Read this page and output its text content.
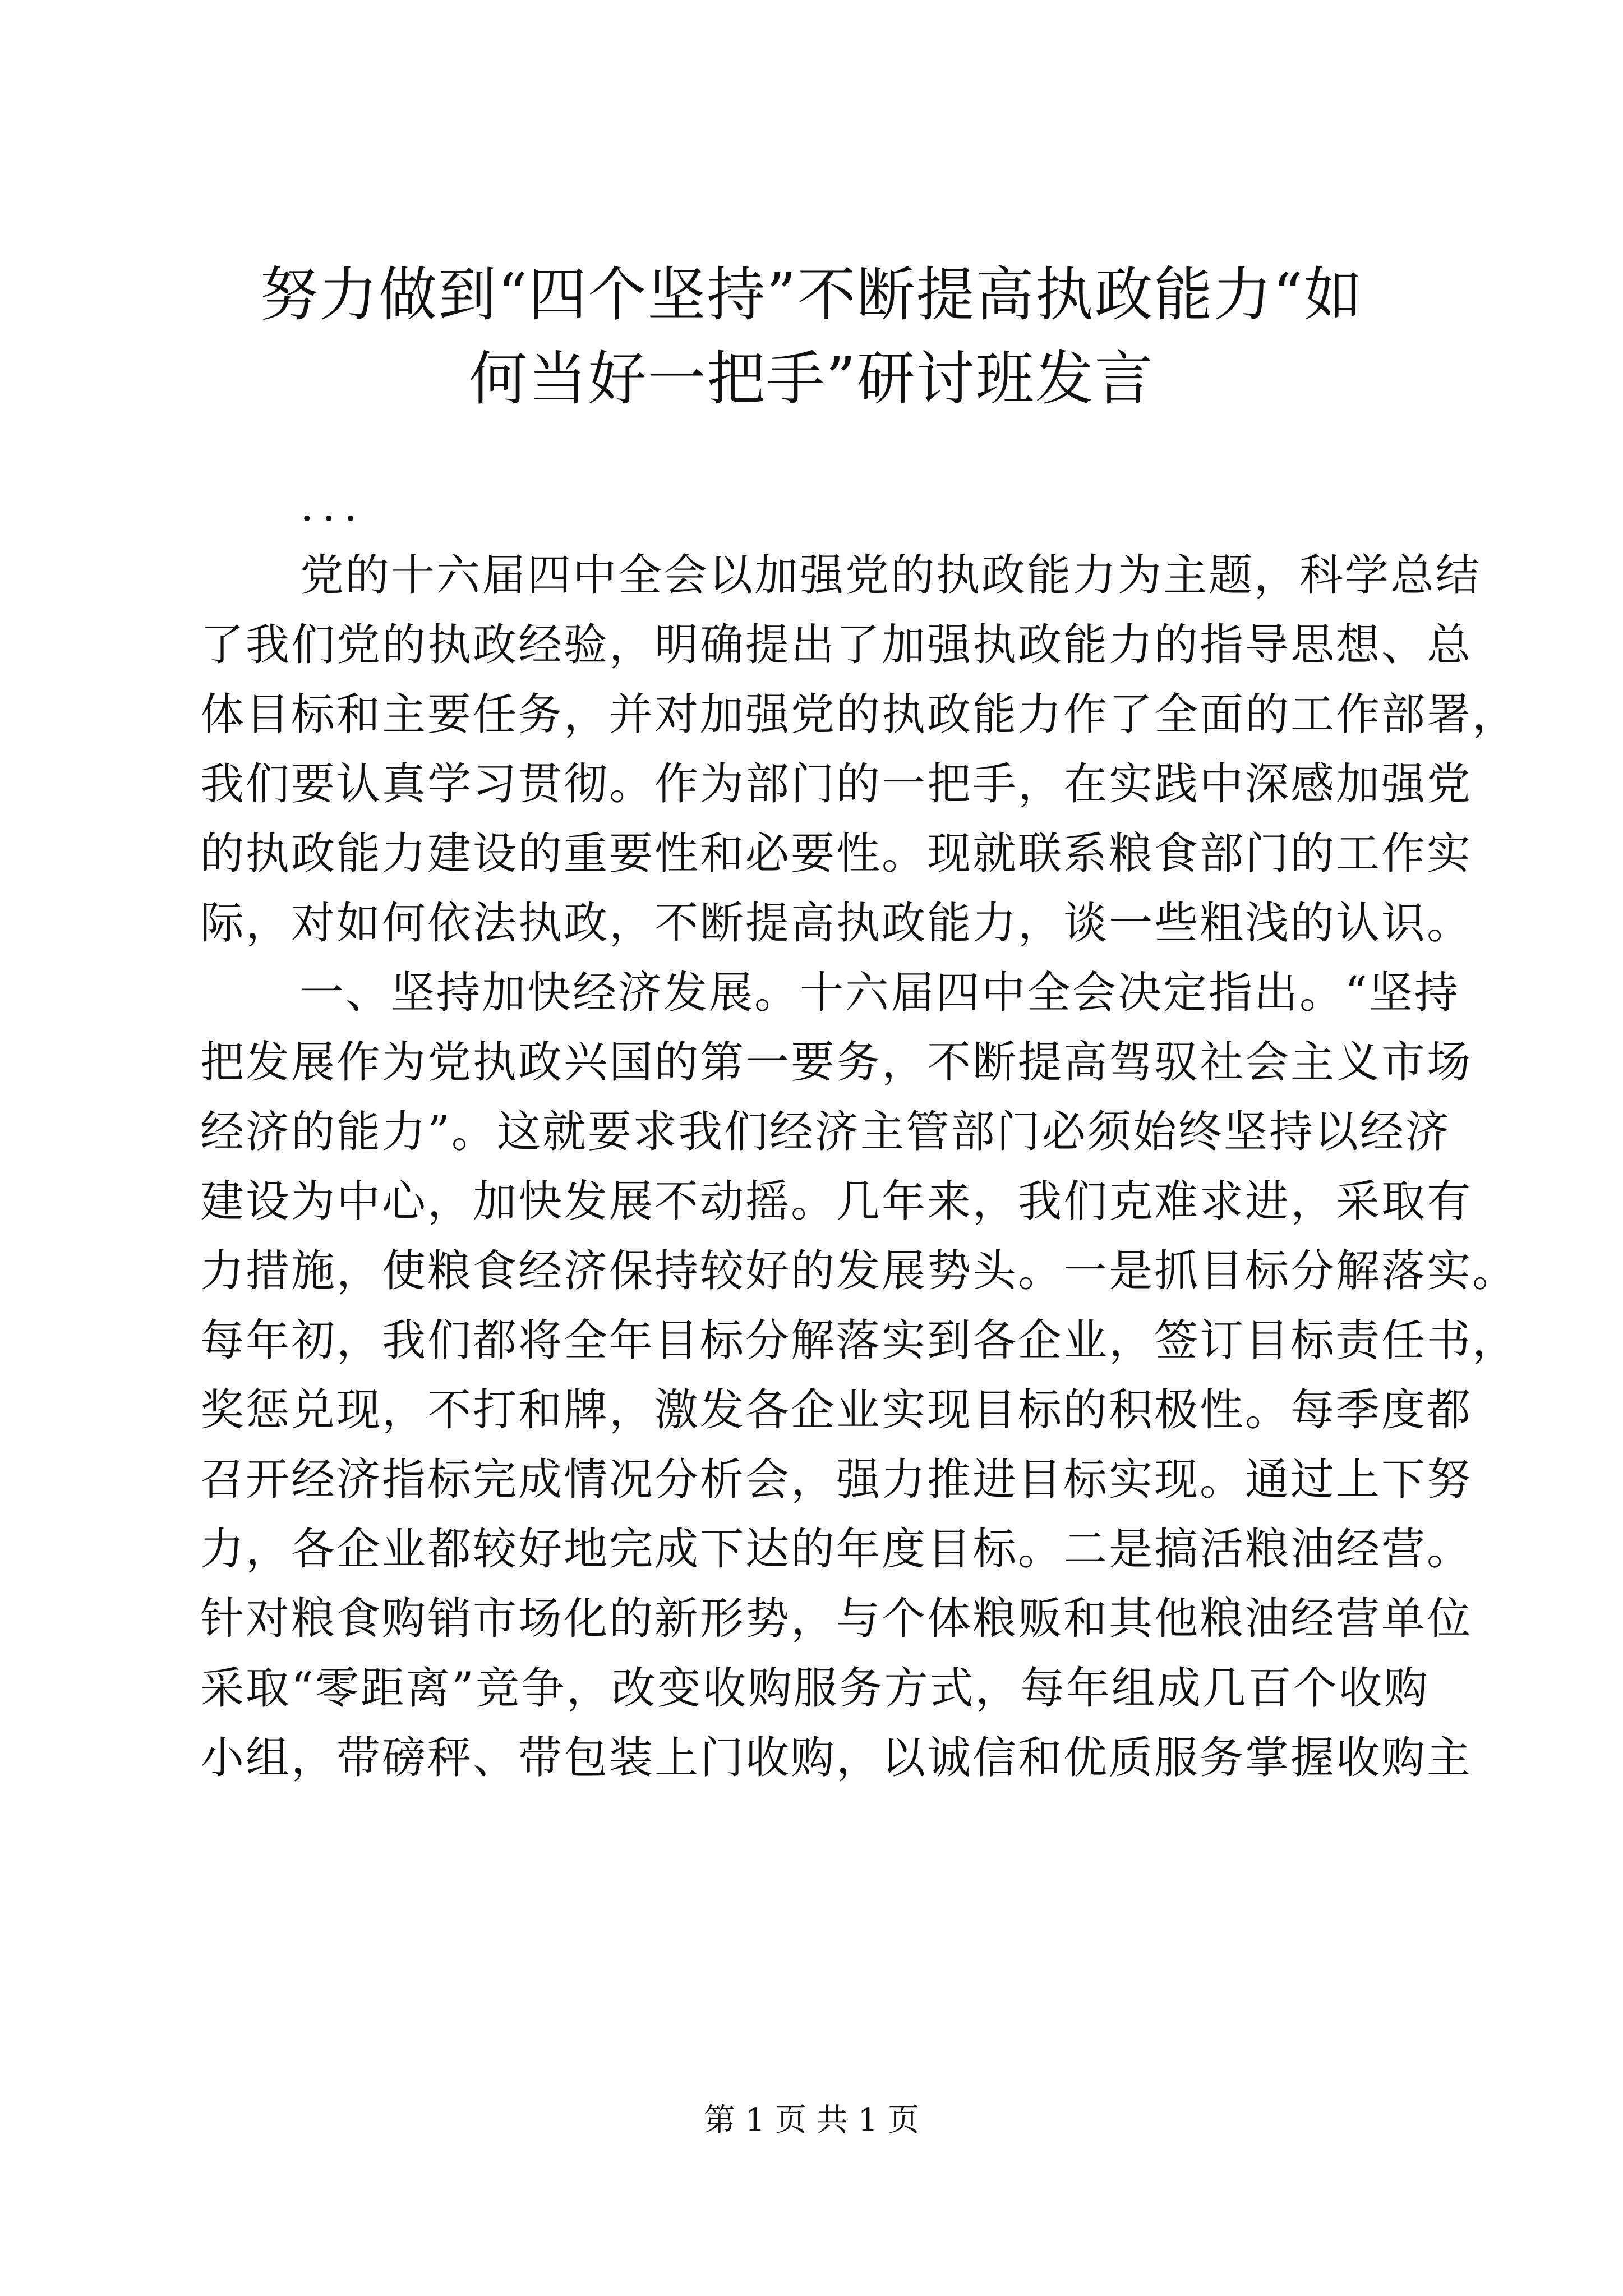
努力做到“四个坚持”不断提高执政能力“如
何当好一把手”研讨班发言
...
党的十六届四中全会以加强党的执政能力为主题，科学总结
了我们党的执政经验，明确提出了加强执政能力的指导思想、总
体目标和主要任务，并对加强党的执政能力作了全面的工作部署，
我们要认真学习贯彻。作为部门的一把手，在实践中深感加强党
的执政能力建设的重要性和必要性。现就联系粮食部门的工作实
际，对如何依法执政，不断提高执政能力，谈一些粗浅的认识。
一、坚持加快经济发展。十六届四中全会决定指出。“坚持
把发展作为党执政兴国的第一要务，不断提高驾驭社会主义市场
经济的能力”。这就要求我们经济主管部门必须始终坚持以经济
建设为中心，加快发展不动摇。几年来，我们克难求进，采取有
力措施，使粮食经济保持较好的发展势头。一是抓目标分解落实。
每年初，我们都将全年目标分解落实到各企业，签订目标责任书，
奖惩兑现，不打和牌，激发各企业实现目标的积极性。每季度都
召开经济指标完成情况分析会，强力推进目标实现。通过上下努
力，各企业都较好地完成下达的年度目标。二是搞活粮油经营。
针对粮食购销市场化的新形势，与个体粮贩和其他粮油经营单位
采取“零距离”竞争，改变收购服务方式，每年组成几百个收购
小组，带磅秤、带包装上门收购，以诚信和优质服务掌握收购主
第 1 页 共 1 页
